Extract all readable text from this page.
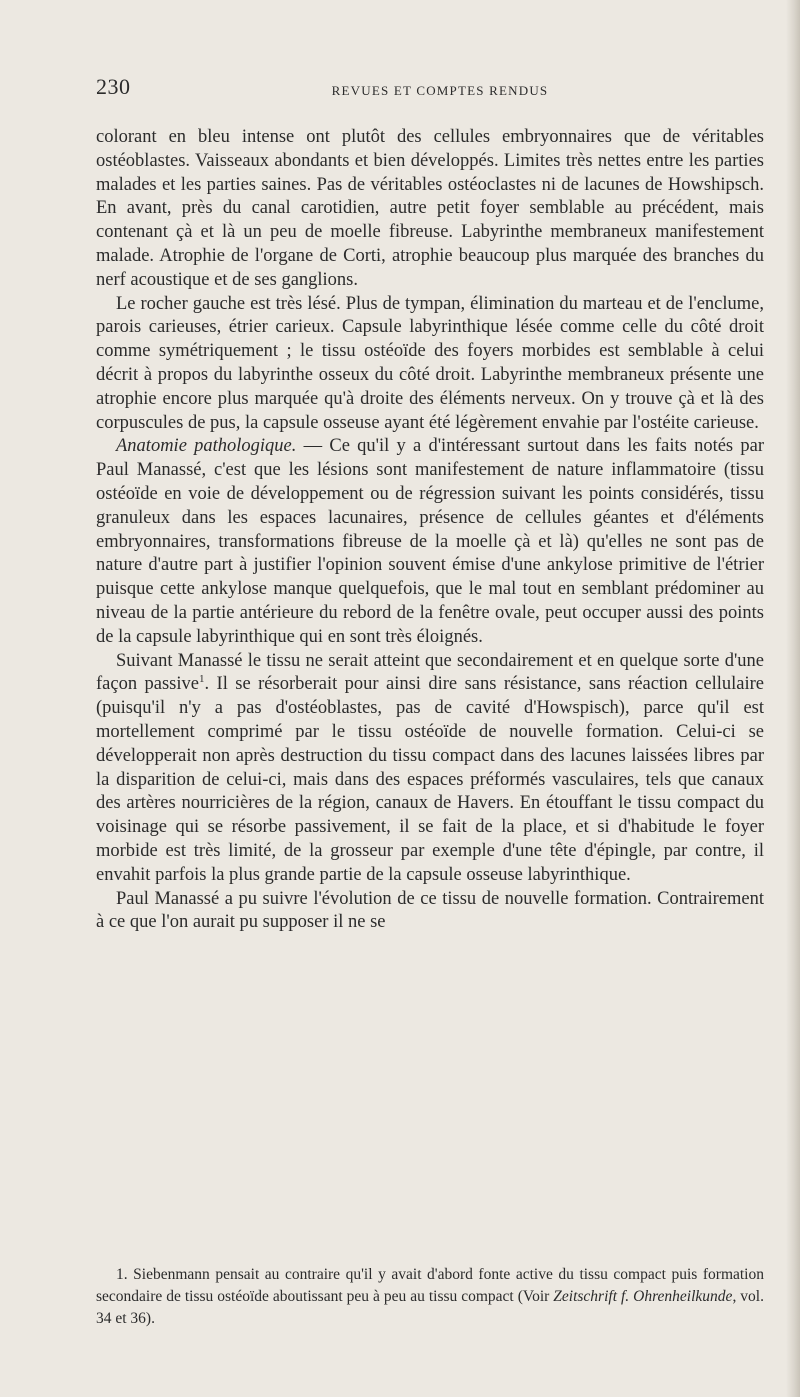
230	REVUES ET COMPTES RENDUS

colorant en bleu intense ont plutôt des cellules embryonnaires que de véritables ostéoblastes. Vaisseaux abondants et bien développés. Limites très nettes entre les parties malades et les parties saines. Pas de véritables ostéoclastes ni de lacunes de Howshipsch. En avant, près du canal carotidien, autre petit foyer semblable au précédent, mais contenant çà et là un peu de moelle fibreuse. Labyrinthe membraneux manifestement malade. Atrophie de l'organe de Corti, atrophie beaucoup plus marquée des branches du nerf acoustique et de ses ganglions.

Le rocher gauche est très lésé. Plus de tympan, élimination du marteau et de l'enclume, parois carieuses, étrier carieux. Capsule labyrinthique lésée comme celle du côté droit comme symétriquement ; le tissu ostéoïde des foyers morbides est semblable à celui décrit à propos du labyrinthe osseux du côté droit. Labyrinthe membraneux présente une atrophie encore plus marquée qu'à droite des éléments nerveux. On y trouve çà et là des corpuscules de pus, la capsule osseuse ayant été légèrement envahie par l'ostéite carieuse.

Anatomie pathologique. — Ce qu'il y a d'intéressant surtout dans les faits notés par Paul Manassé, c'est que les lésions sont manifestement de nature inflammatoire (tissu ostéoïde en voie de développement ou de régression suivant les points considérés, tissu granuleux dans les espaces lacunaires, présence de cellules géantes et d'éléments embryonnaires, transformations fibreuse de la moelle çà et là) qu'elles ne sont pas de nature d'autre part à justifier l'opinion souvent émise d'une ankylose primitive de l'étrier puisque cette ankylose manque quelquefois, que le mal tout en semblant prédominer au niveau de la partie antérieure du rebord de la fenêtre ovale, peut occuper aussi des points de la capsule labyrinthique qui en sont très éloignés.

Suivant Manassé le tissu ne serait atteint que secondairement et en quelque sorte d'une façon passive$^1$. Il se résorberait pour ainsi dire sans résistance, sans réaction cellulaire (puisqu'il n'y a pas d'ostéoblastes, pas de cavité d'Howspisch), parce qu'il est mortellement comprimé par le tissu ostéoïde de nouvelle formation. Celui-ci se développerait non après destruction du tissu compact dans des lacunes laissées libres par la disparition de celui-ci, mais dans des espaces préformés vasculaires, tels que canaux des artères nourricières de la région, canaux de Havers. En étouffant le tissu compact du voisinage qui se résorbe passivement, il se fait de la place, et si d'habitude le foyer morbide est très limité, de la grosseur par exemple d'une tête d'épingle, par contre, il envahit parfois la plus grande partie de la capsule osseuse labyrinthique.

Paul Manassé a pu suivre l'évolution de ce tissu de nouvelle formation. Contrairement à ce que l'on aurait pu supposer il ne se

1. Siebenmann pensait au contraire qu'il y avait d'abord fonte active du tissu compact puis formation secondaire de tissu ostéoïde aboutissant peu à peu au tissu compact (Voir Zeitschrift f. Ohrenheilkunde, vol. 34 et 36).
